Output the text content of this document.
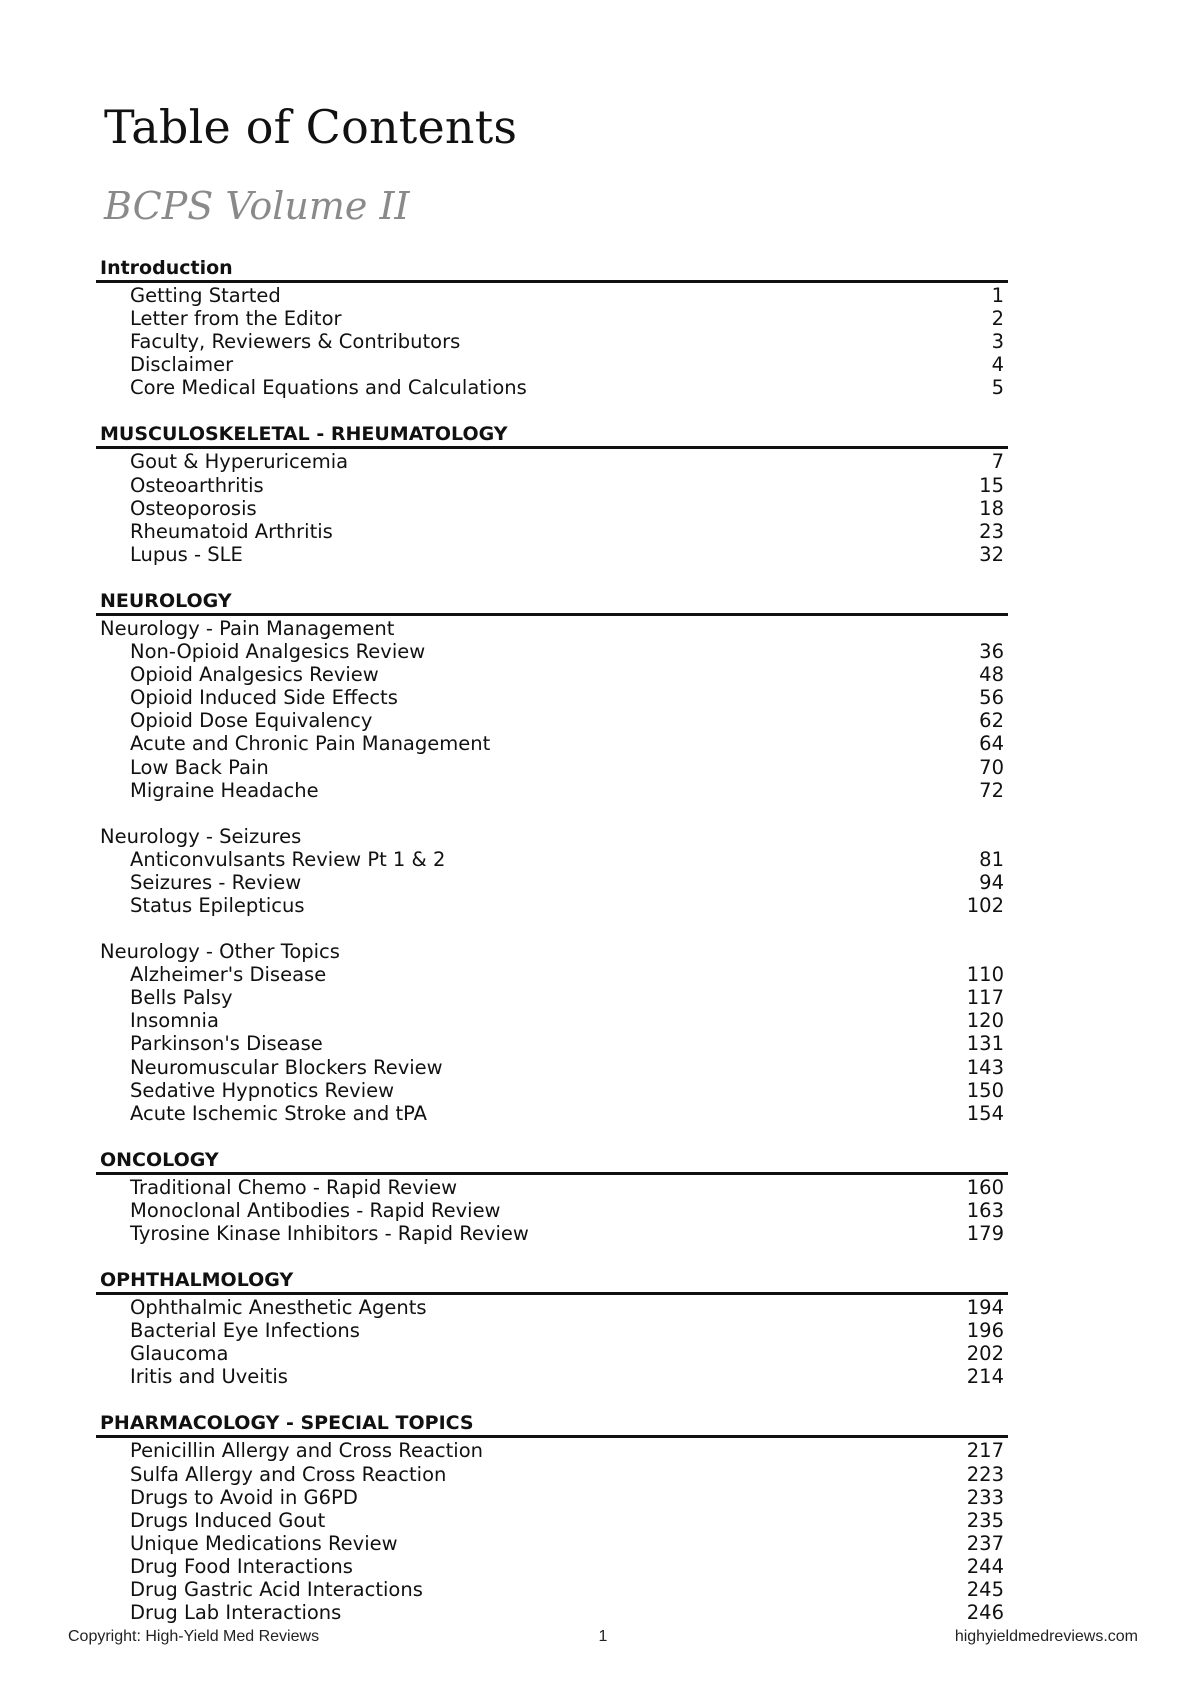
Table of Contents
BCPS Volume II
Introduction
Getting Started	1
Letter from the Editor	2
Faculty, Reviewers & Contributors	3
Disclaimer	4
Core Medical Equations and Calculations	5
MUSCULOSKELETAL - RHEUMATOLOGY
Gout & Hyperuricemia	7
Osteoarthritis	15
Osteoporosis	18
Rheumatoid Arthritis	23
Lupus - SLE	32
NEUROLOGY
Neurology - Pain Management
Non-Opioid Analgesics Review	36
Opioid Analgesics Review	48
Opioid Induced Side Effects	56
Opioid Dose Equivalency	62
Acute and Chronic Pain Management	64
Low Back Pain	70
Migraine Headache	72
Neurology - Seizures
Anticonvulsants Review Pt 1 & 2	81
Seizures - Review	94
Status Epilepticus	102
Neurology - Other Topics
Alzheimer's Disease	110
Bells Palsy	117
Insomnia	120
Parkinson's Disease	131
Neuromuscular Blockers Review	143
Sedative Hypnotics Review	150
Acute Ischemic Stroke and tPA	154
ONCOLOGY
Traditional Chemo - Rapid Review	160
Monoclonal Antibodies - Rapid Review	163
Tyrosine Kinase Inhibitors - Rapid Review	179
OPHTHALMOLOGY
Ophthalmic Anesthetic Agents	194
Bacterial Eye Infections	196
Glaucoma	202
Iritis and Uveitis	214
PHARMACOLOGY - SPECIAL TOPICS
Penicillin Allergy and Cross Reaction	217
Sulfa Allergy and Cross Reaction	223
Drugs to Avoid in G6PD	233
Drugs Induced Gout	235
Unique Medications Review	237
Drug Food Interactions	244
Drug Gastric Acid Interactions	245
Drug Lab Interactions	246
Copyright: High-Yield Med Reviews	1	highyieldmedreviews.com
